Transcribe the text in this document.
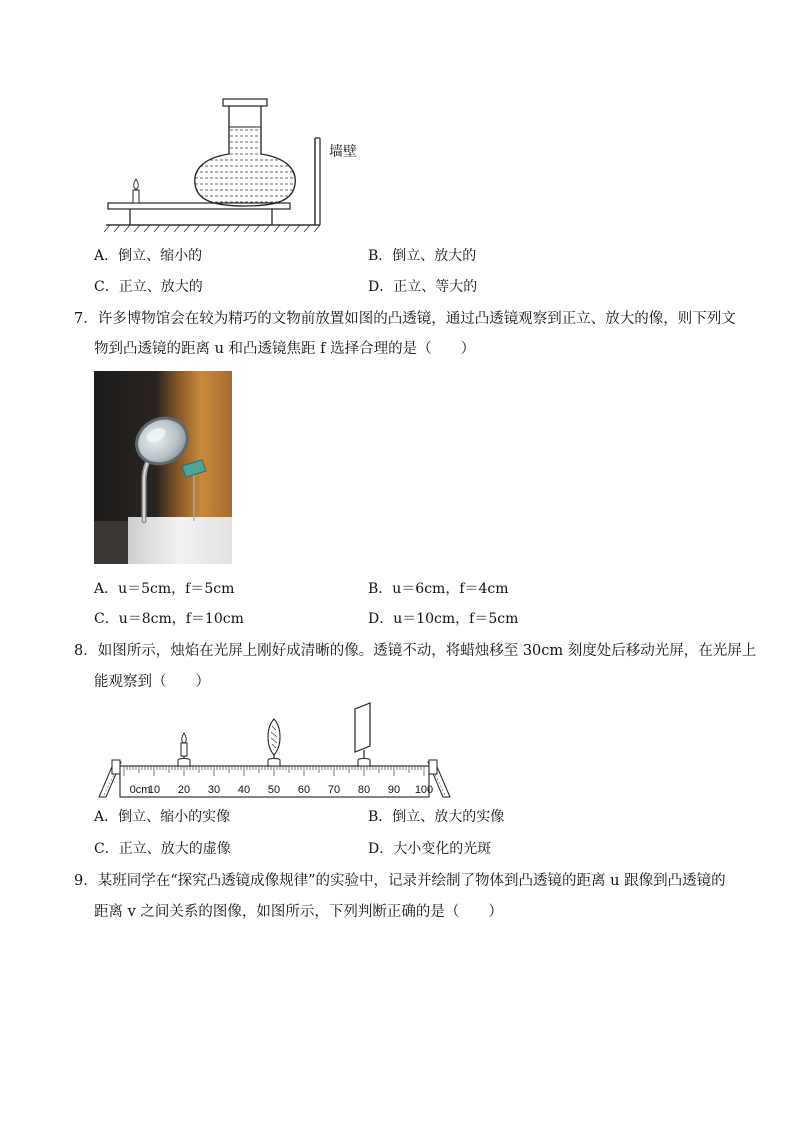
墙壁
A．倒立、缩小的	B．倒立、放大的
C．正立、放大的	D．正立、等大的
7．许多博物馆会在较为精巧的文物前放置如图的凸透镜，通过凸透镜观察到正立、放大的像，则下列文
物到凸透镜的距离 u 和凸透镜焦距 f 选择合理的是（　　）
A．u＝5cm，f＝5cm	B．u＝6cm，f＝4cm
C．u＝8cm，f＝10cm	D．u＝10cm，f＝5cm
8．如图所示，烛焰在光屏上刚好成清晰的像。透镜不动，将蜡烛移至 30cm 刻度处后移动光屏，在光屏上
能观察到（　　）
0cm
10 20 30 40 50 60 70 80 90 100
A．倒立、缩小的实像	B．倒立、放大的实像
C．正立、放大的虚像	D．大小变化的光斑
9．某班同学在“探究凸透镜成像规律”的实验中，记录并绘制了物体到凸透镜的距离 u 跟像到凸透镜的
距离 v 之间关系的图像，如图所示，下列判断正确的是（　　）
